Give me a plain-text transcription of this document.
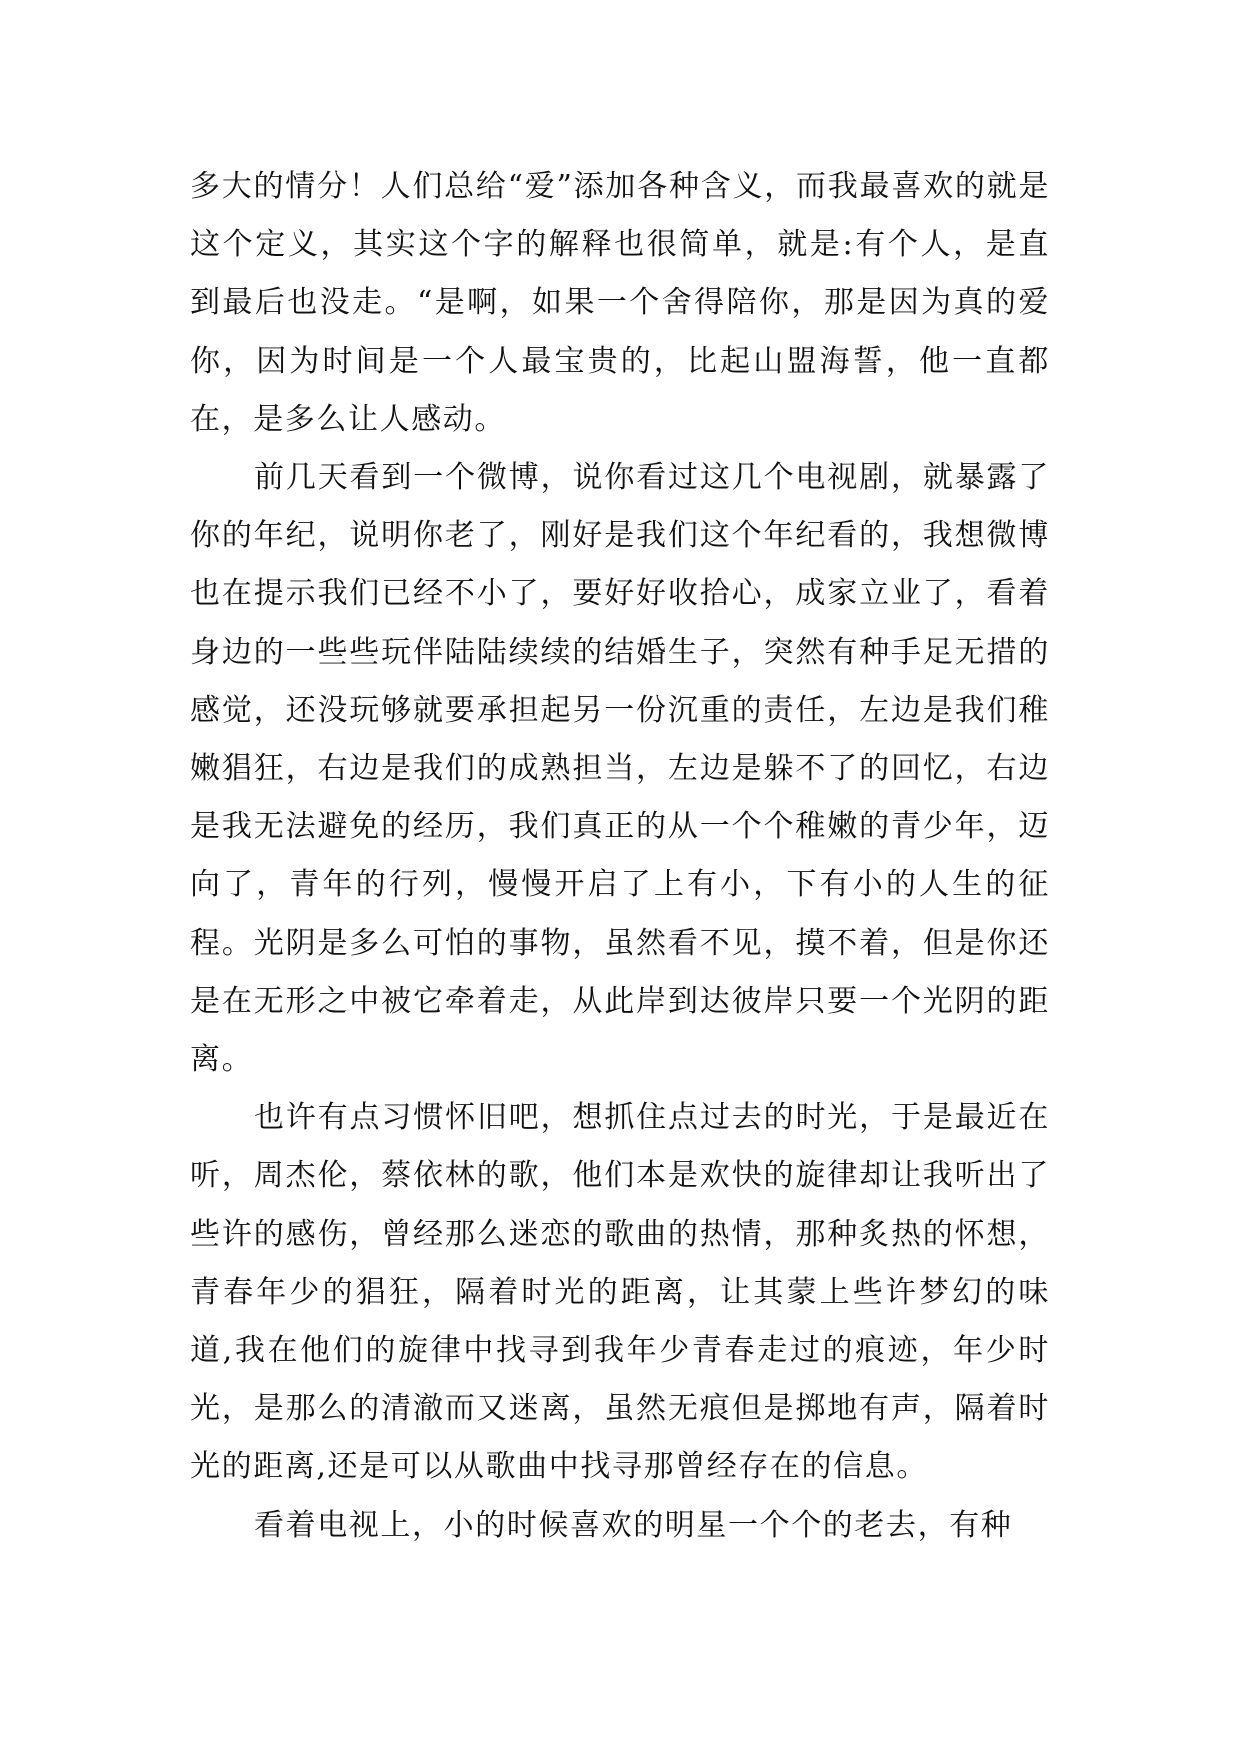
多大的情分！人们总给“爱”添加各种含义，而我最喜欢的就是这个定义，其实这个字的解释也很简单，就是:有个人，是直到最后也没走。“是啊，如果一个舍得陪你，那是因为真的爱你，因为时间是一个人最宝贵的，比起山盟海誓，他一直都在，是多么让人感动。

前几天看到一个微博，说你看过这几个电视剧，就暴露了你的年纪，说明你老了，刚好是我们这个年纪看的，我想微博也在提示我们已经不小了，要好好收拾心，成家立业了，看着身边的一些些玩伴陆陆续续的结婚生子，突然有种手足无措的感觉，还没玩够就要承担起另一份沉重的责任，左边是我们稚嫩猖狂，右边是我们的成熟担当，左边是躲不了的回忆，右边是我无法避免的经历，我们真正的从一个个稚嫩的青少年，迈向了，青年的行列，慢慢开启了上有小，下有小的人生的征程。光阴是多么可怕的事物，虽然看不见，摸不着，但是你还是在无形之中被它牵着走，从此岸到达彼岸只要一个光阴的距离。

也许有点习惯怀旧吧，想抓住点过去的时光，于是最近在听，周杰伦，蔡依林的歌，他们本是欢快的旋律却让我听出了些许的感伤，曾经那么迷恋的歌曲的热情，那种炙热的怀想，青春年少的猖狂，隔着时光的距离，让其蒙上些许梦幻的味道,我在他们的旋律中找寻到我年少青春走过的痕迹，年少时光，是那么的清澈而又迷离，虽然无痕但是掷地有声，隔着时光的距离,还是可以从歌曲中找寻那曾经存在的信息。

看着电视上，小的时候喜欢的明星一个个的老去，有种
